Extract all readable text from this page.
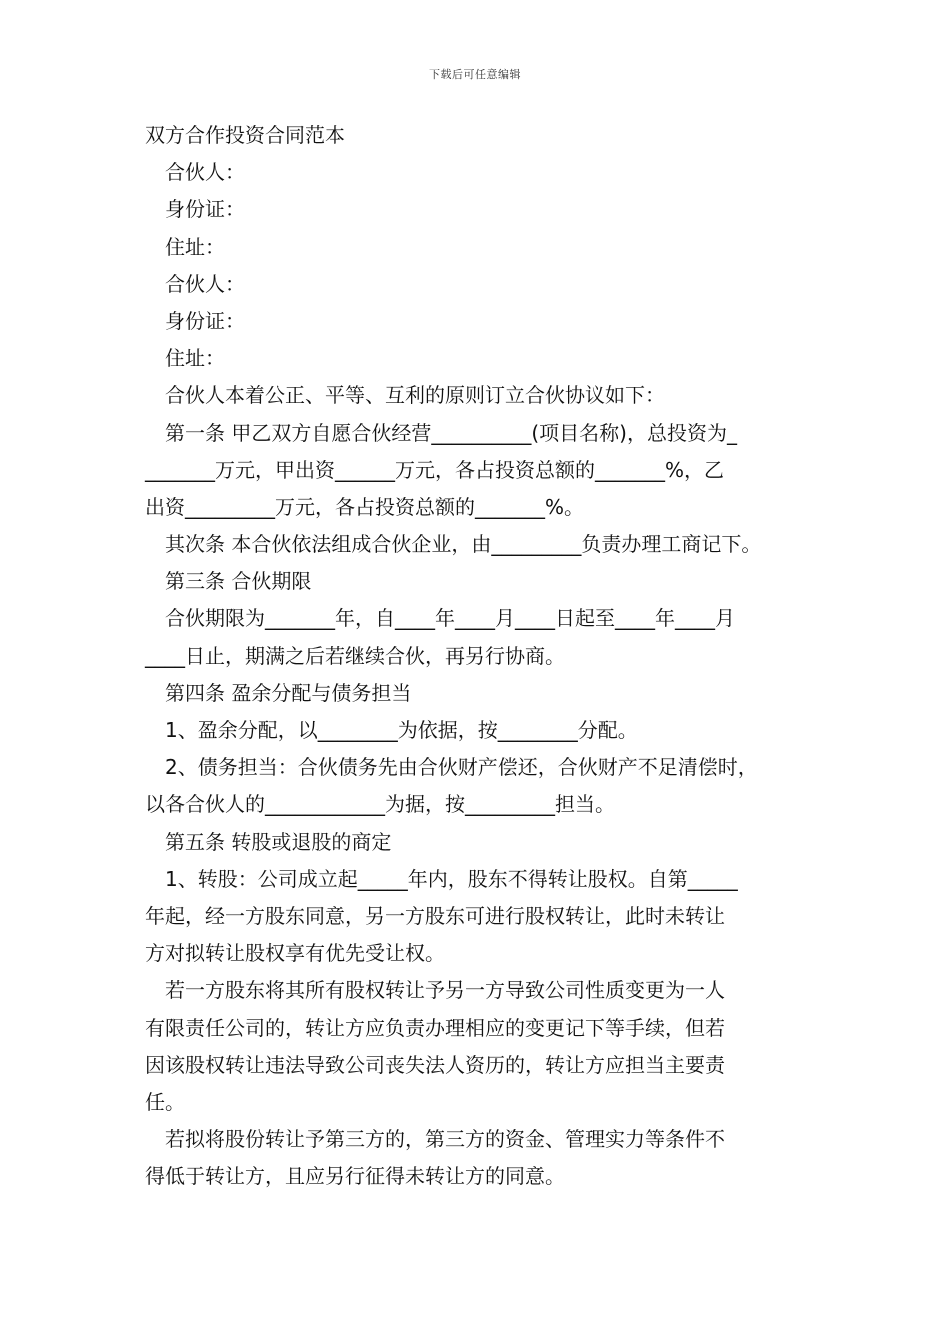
下载后可任意编辑
双方合作投资合同范本
合伙人：
身份证：
住址：
合伙人：
身份证：
住址：
合伙人本着公正、平等、互利的原则订立合伙协议如下：
第一条 甲乙双方自愿合伙经营__________(项目名称)，总投资为_
_______万元，甲出资______万元，各占投资总额的_______%，乙
出资_________万元，各占投资总额的_______%。
其次条 本合伙依法组成合伙企业，由_________负责办理工商记下。
第三条 合伙期限
合伙期限为_______年，自____年____月____日起至____年____月
____日止，期满之后若继续合伙，再另行协商。
第四条 盈余分配与债务担当
1、盈余分配，以________为依据，按________分配。
2、债务担当：合伙债务先由合伙财产偿还，合伙财产不足清偿时，
以各合伙人的____________为据，按_________担当。
第五条 转股或退股的商定
1、转股：公司成立起_____年内，股东不得转让股权。自第_____
年起，经一方股东同意，另一方股东可进行股权转让，此时未转让
方对拟转让股权享有优先受让权。
若一方股东将其所有股权转让予另一方导致公司性质变更为一人
有限责任公司的，转让方应负责办理相应的变更记下等手续，但若
因该股权转让违法导致公司丧失法人资历的，转让方应担当主要责
任。
若拟将股份转让予第三方的，第三方的资金、管理实力等条件不
得低于转让方，且应另行征得未转让方的同意。
